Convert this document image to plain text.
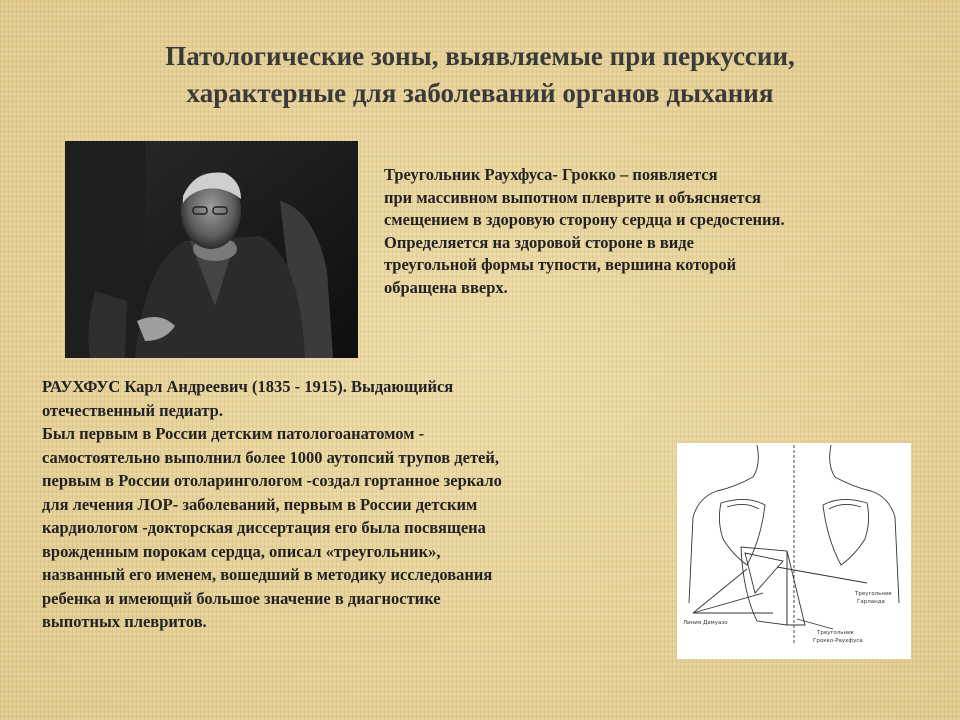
Патологические зоны, выявляемые при перкуссии,
характерные для заболеваний органов дыхания
Треугольник Раухфуса- Грокко – появляется
при массивном выпотном плеврите и объясняется
смещением в здоровую сторону сердца и средостения.
Определяется на здоровой стороне в виде
треугольной формы тупости, вершина которой
обращена вверх.
РАУХФУС Карл Андреевич (1835 - 1915). Выдающийся
отечественный педиатр.
Был первым в России детским патологоанатомом -
самостоятельно выполнил более 1000 аутопсий трупов детей,
первым в России отоларингологом -создал гортанное зеркало
для лечения ЛОР- заболеваний, первым в России детским
кардиологом -докторская диссертация его была посвящена
врожденным порокам сердца, описал «треугольник»,
названный его именем, вошедший в методику исследования
ребенка и имеющий большое значение в диагностике
выпотных плевритов.	Линия Дамуазо
Треугольник
Гарланда
Треугольник
Грокко-Раухфуса
